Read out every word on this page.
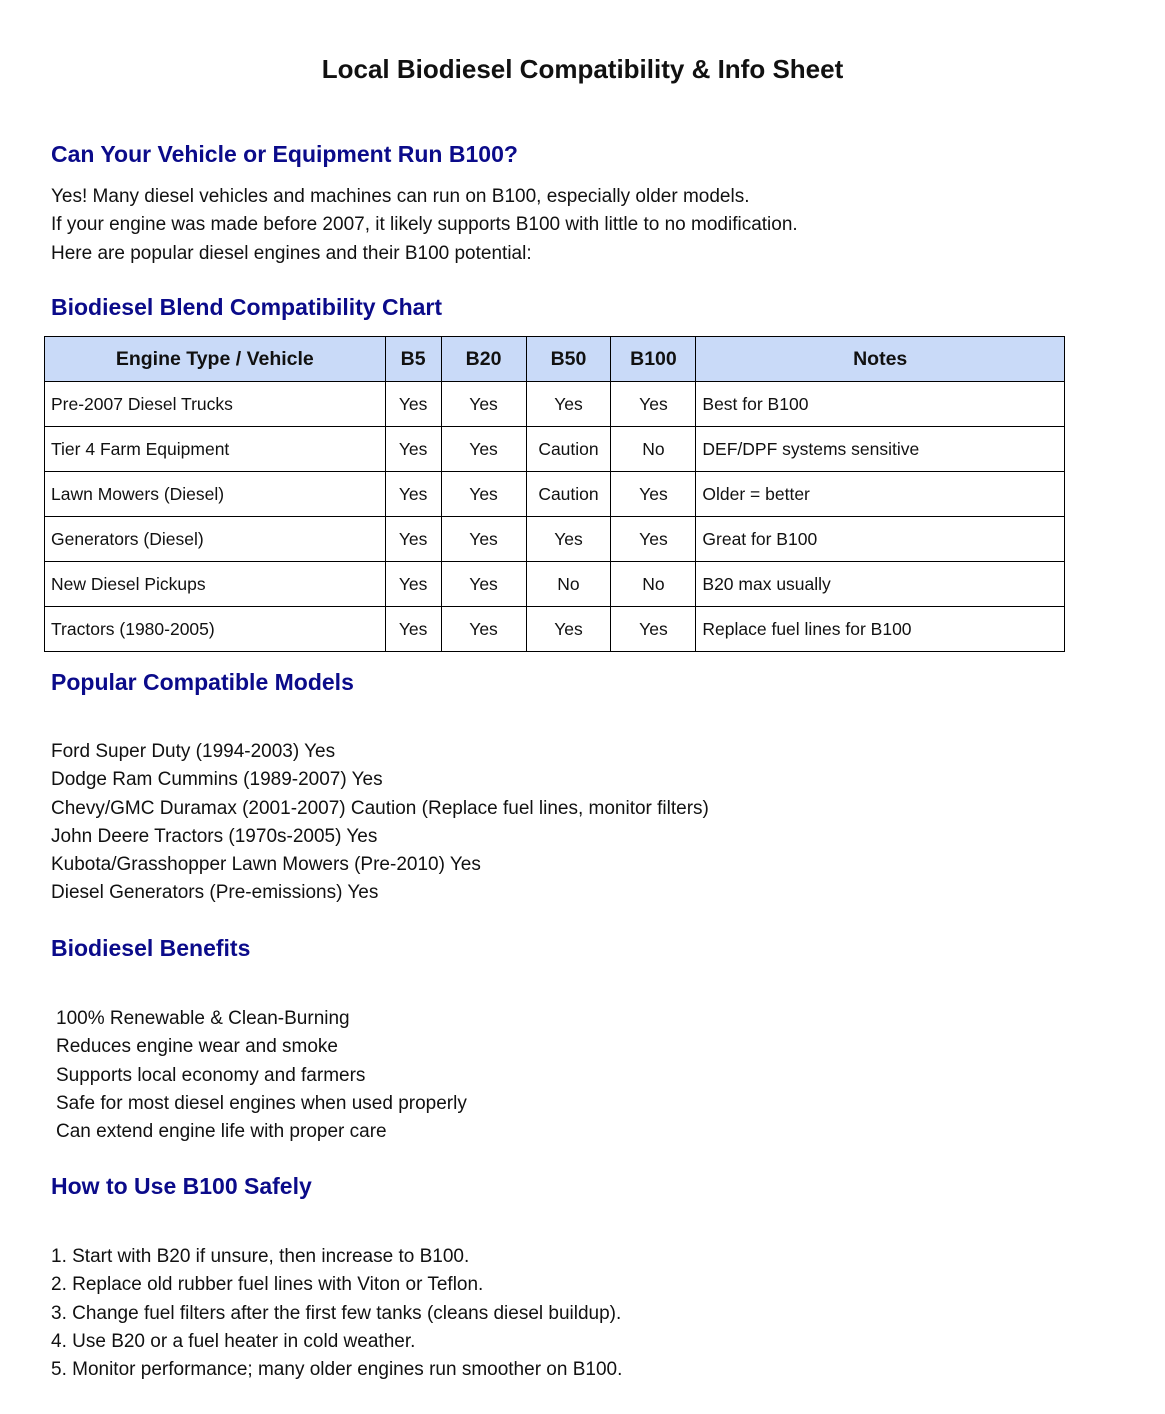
Local Biodiesel Compatibility & Info Sheet
Can Your Vehicle or Equipment Run B100?
Yes! Many diesel vehicles and machines can run on B100, especially older models.
If your engine was made before 2007, it likely supports B100 with little to no modification.
Here are popular diesel engines and their B100 potential:
Biodiesel Blend Compatibility Chart
Engine Type / Vehicle	B5	B20	B50	B100	Notes
Pre-2007 Diesel Trucks	Yes	Yes	Yes	Yes	Best for B100
Tier 4 Farm Equipment	Yes	Yes	Caution	No	DEF/DPF systems sensitive
Lawn Mowers (Diesel)	Yes	Yes	Caution	Yes	Older = better
Generators (Diesel)	Yes	Yes	Yes	Yes	Great for B100
New Diesel Pickups	Yes	Yes	No	No	B20 max usually
Tractors (1980-2005)	Yes	Yes	Yes	Yes	Replace fuel lines for B100
Popular Compatible Models
Ford Super Duty (1994-2003) Yes
Dodge Ram Cummins (1989-2007) Yes
Chevy/GMC Duramax (2001-2007) Caution (Replace fuel lines, monitor filters)
John Deere Tractors (1970s-2005) Yes
Kubota/Grasshopper Lawn Mowers (Pre-2010) Yes
Diesel Generators (Pre-emissions) Yes
Biodiesel Benefits
100% Renewable & Clean-Burning
Reduces engine wear and smoke
Supports local economy and farmers
Safe for most diesel engines when used properly
Can extend engine life with proper care
How to Use B100 Safely
1. Start with B20 if unsure, then increase to B100.
2. Replace old rubber fuel lines with Viton or Teflon.
3. Change fuel filters after the first few tanks (cleans diesel buildup).
4. Use B20 or a fuel heater in cold weather.
5. Monitor performance; many older engines run smoother on B100.
